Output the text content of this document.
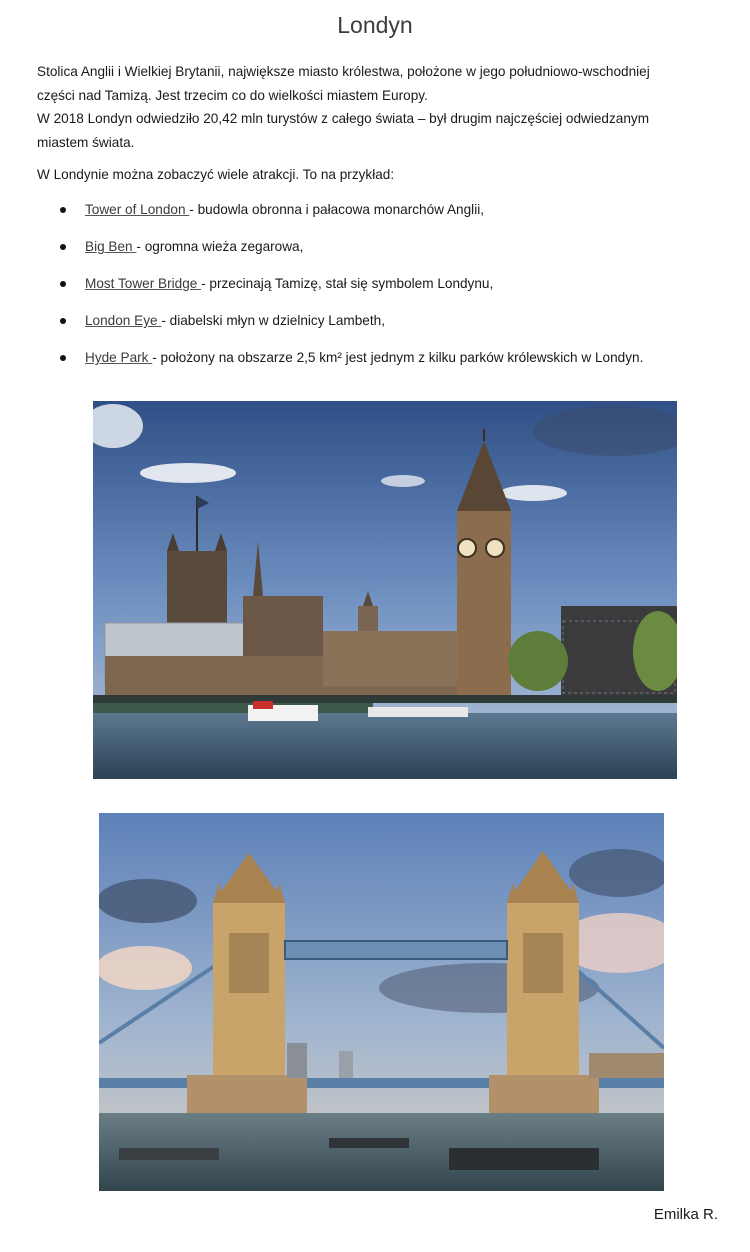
Londyn
Stolica Anglii i Wielkiej Brytanii, największe miasto królestwa, położone w jego południowo-wschodniej
części nad Tamizą. Jest trzecim co do wielkości miastem Europy.
W 2018 Londyn odwiedziło 20,42 mln turystów z całego świata – był drugim najczęściej odwiedzanym
miastem świata.
W Londynie można zobaczyć wiele atrakcji. To na przykład:
Tower of London - budowla obronna i pałacowa monarchów Anglii,
Big Ben - ogromna wieża zegarowa,
Most Tower Bridge - przecinają Tamizę, stał się symbolem Londynu,
London Eye - diabelski młyn w dzielnicy Lambeth,
Hyde Park - położony na obszarze 2,5 km² jest jednym z kilku parków królewskich w Londyn.
Emilka R.
